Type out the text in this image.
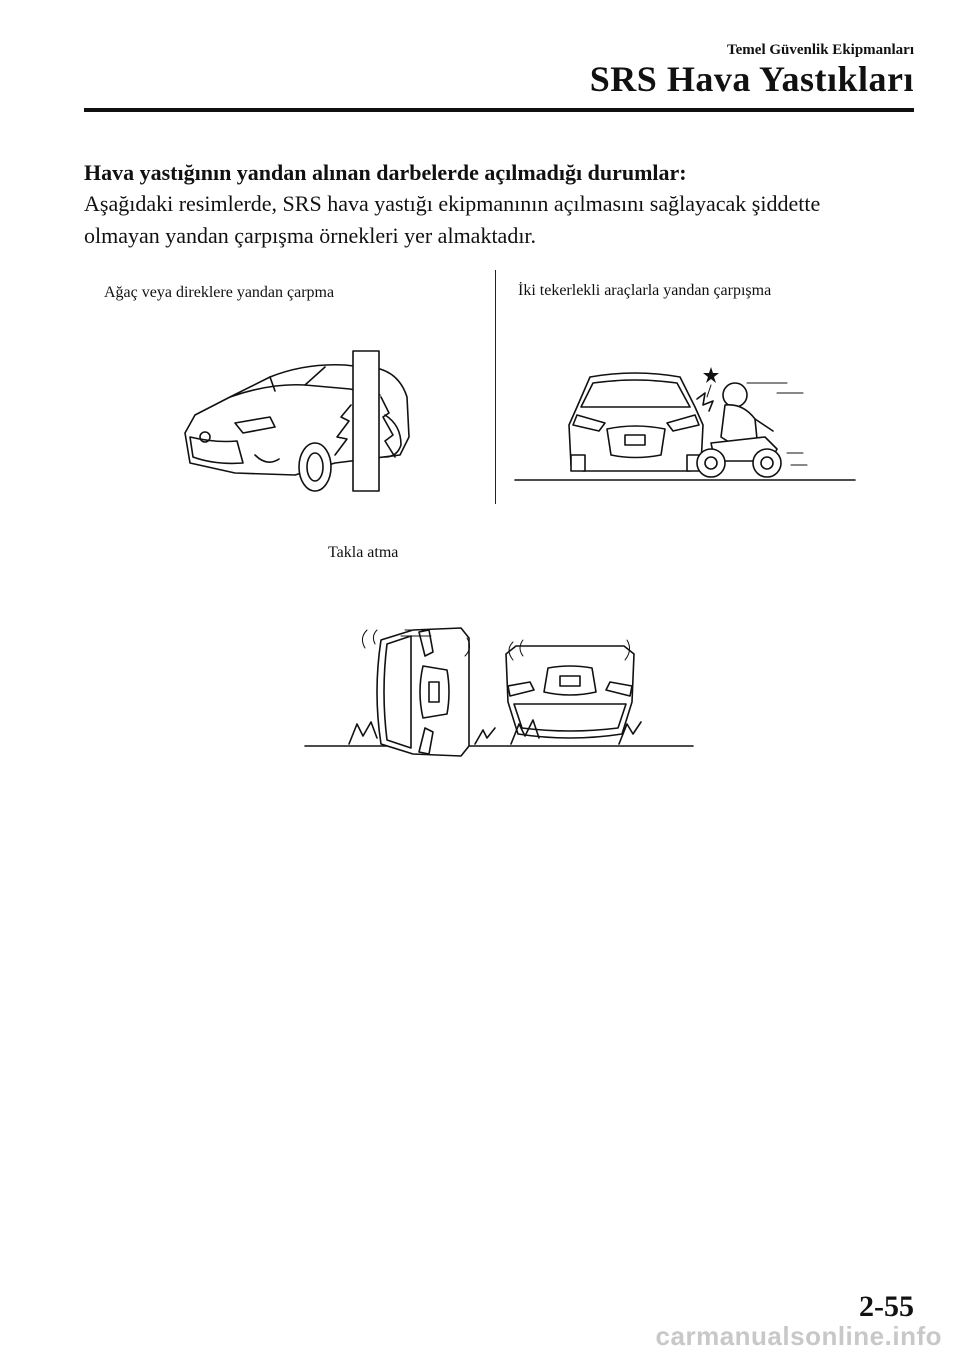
Temel Güvenlik Ekipmanları
SRS Hava Yastıkları
Hava yastığının yandan alınan darbelerde açılmadığı durumlar:
Aşağıdaki resimlerde, SRS hava yastığı ekipmanının açılmasını sağlayacak şiddette olmayan yandan çarpışma örnekleri yer almaktadır.
Ağaç veya direklere yandan çarpma	İki tekerlekli araçlarla yandan çarpışma
Takla atma
2-55
carmanualsonline.info
